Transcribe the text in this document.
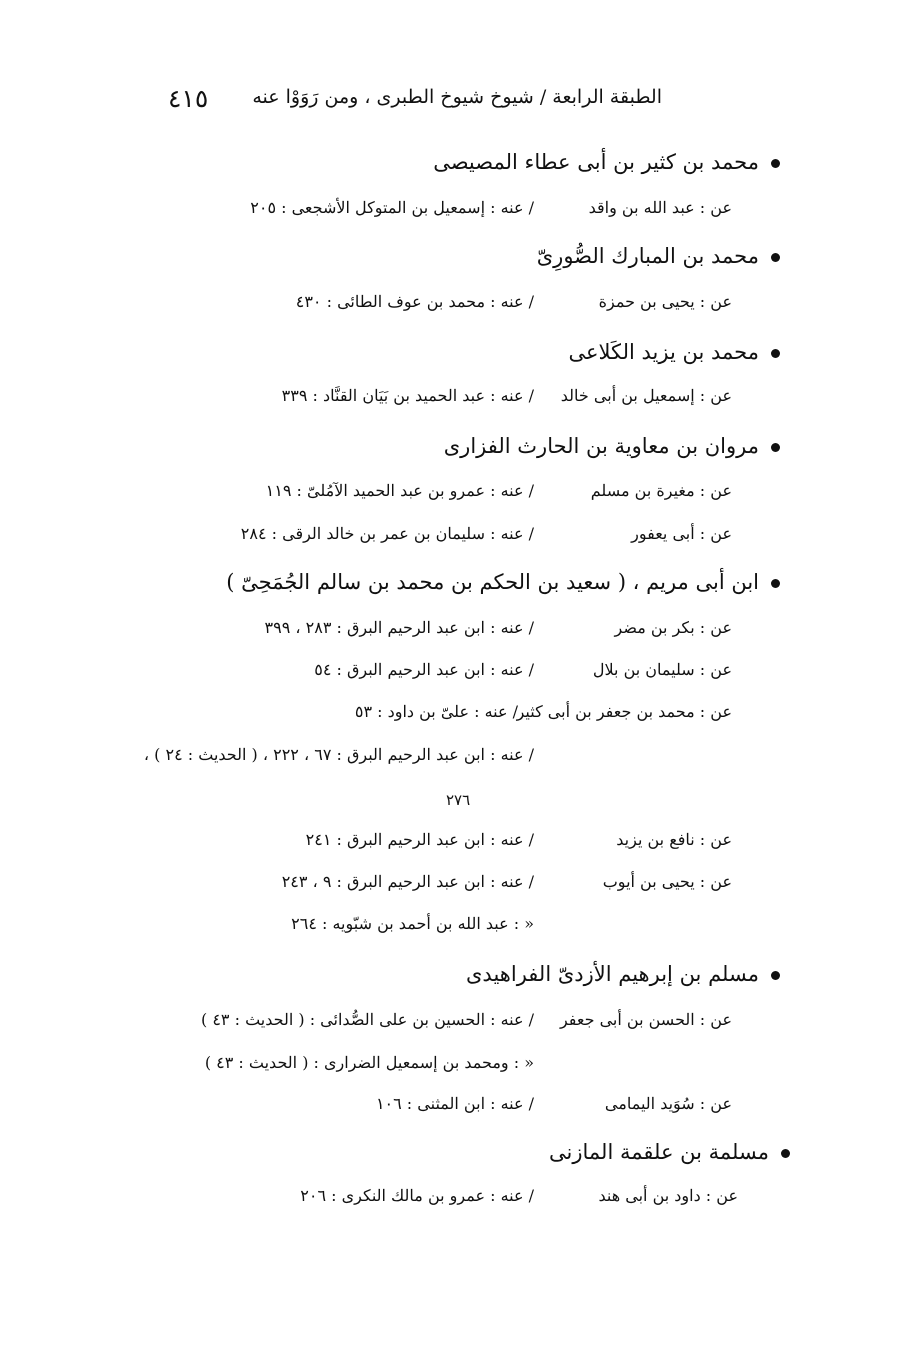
٤١٥ الطبقة الرابعة / شيوخ شيوخ الطبرى ، ومن رَوَوْا عنه
محمد بن كثير بن أبى عطاء المصيصى
عن : عبد الله بن واقد
/ عنه : إسمعيل بن المتوكل الأشجعى : ٢٠٥
محمد بن المبارك الصُّورِىّ
عن : يحيى بن حمزة
/ عنه : محمد بن عوف الطائى : ٤٣٠
محمد بن يزيد الكَلاعى
عن : إسمعيل بن أبى خالد
/ عنه : عبد الحميد بن بَيَان القنَّاد : ٣٣٩
مروان بن معاوية بن الحارث الفزارى
عن : مغيرة بن مسلم
/ عنه : عمرو بن عبد الحميد الآمُلىّ : ١١٩
عن : أبى يعفور
/ عنه : سليمان بن عمر بن خالد الرقى : ٢٨٤
ابن أبى مريم ، ( سعيد بن الحكم بن محمد بن سالم الجُمَحِىّ )
عن : بكر بن مضر
/ عنه : ابن عبد الرحيم البرق : ٢٨٣ ، ٣٩٩
عن : سليمان بن بلال
/ عنه : ابن عبد الرحيم البرق : ٥٤
عن : محمد بن جعفر بن أبى كثير
/ عنه : علىّ بن داود : ٥٣
/ عنه : ابن عبد الرحيم البرق : ٦٧ ، ٢٢٢ ، ( الحديث : ٢٤ ) ،
٢٧٦
عن : نافع بن يزيد
/ عنه : ابن عبد الرحيم البرق : ٢٤١
عن : يحيى بن أيوب
/ عنه : ابن عبد الرحيم البرق : ٩ ، ٢٤٣
« : عبد الله بن أحمد بن شبّويه : ٢٦٤
مسلم بن إبرهيم الأزدىّ الفراهيدى
عن : الحسن بن أبى جعفر
/ عنه : الحسين بن على الصُّدائى : ( الحديث : ٤٣ )
« : ومحمد بن إسمعيل الضرارى : ( الحديث : ٤٣ )
عن : سُوَيد اليمامى
/ عنه : ابن المثنى : ١٠٦
مسلمة بن علقمة المازنى
عن : داود بن أبى هند
/ عنه : عمرو بن مالك النكرى : ٢٠٦
